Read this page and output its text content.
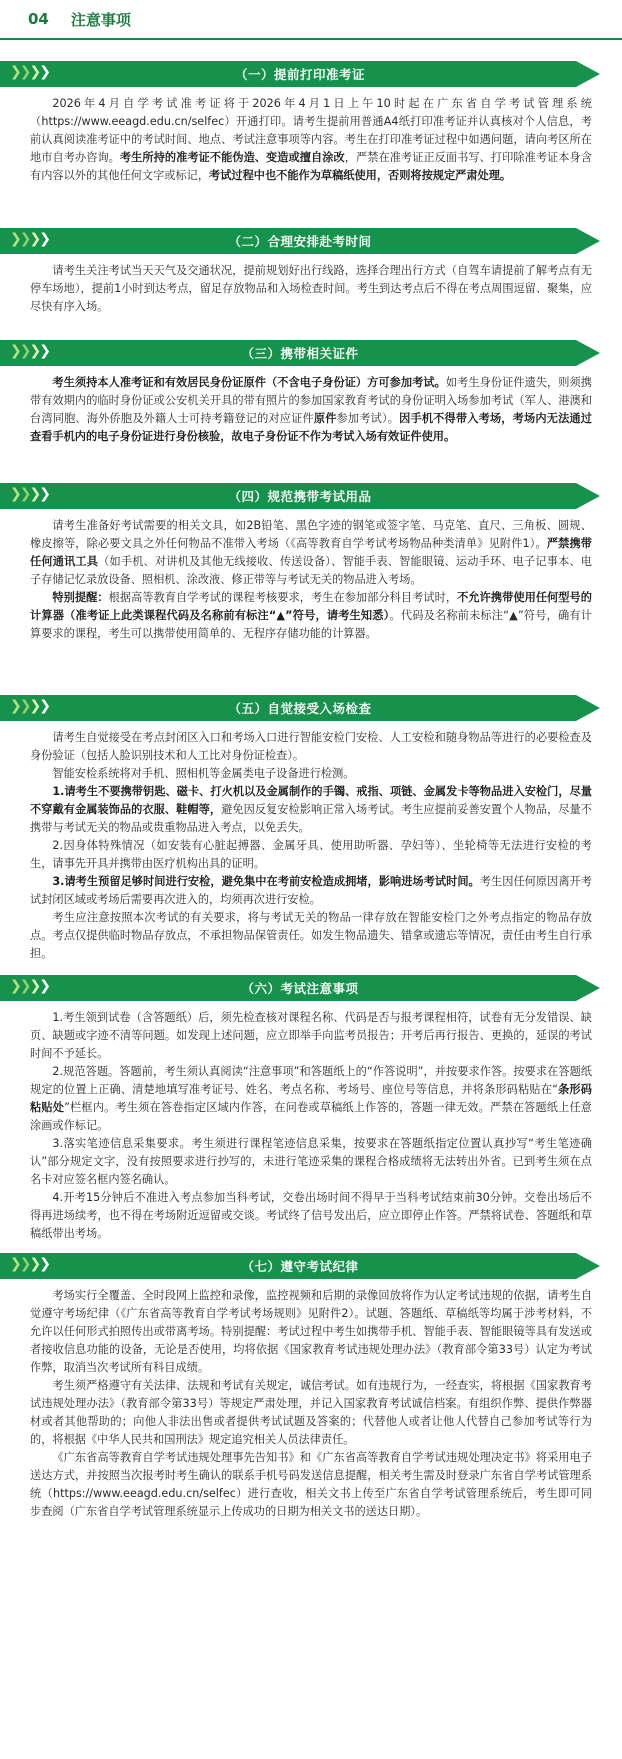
04 注意事项
❯❯❯❯	（一）提前打印准考证

2026年4月自学考试准考证将于2026年4月1日上午10时起在广东省自学考试管理系统（https://www.eeagd.edu.cn/selfec）开通打印。请考生提前用普通A4纸打印准考证并认真核对个人信息，考前认真阅读准考证中的考试时间、地点、考试注意事项等内容。考生在打印准考证过程中如遇问题，请向考区所在地市自考办咨询。考生所持的准考证不能伪造、变造或擅自涂改，严禁在准考证正反面书写、打印除准考证本身含有内容以外的其他任何文字或标记，考试过程中也不能作为草稿纸使用，否则将按规定严肃处理。

❯❯❯❯	（二）合理安排赴考时间

请考生关注考试当天天气及交通状况，提前规划好出行线路，选择合理出行方式（自驾车请提前了解考点有无停车场地），提前1小时到达考点，留足存放物品和入场检查时间。考生到达考点后不得在考点周围逗留、聚集，应尽快有序入场。

❯❯❯❯	（三）携带相关证件

考生须持本人准考证和有效居民身份证原件（不含电子身份证）方可参加考试。如考生身份证件遗失，则须携带有效期内的临时身份证或公安机关开具的带有照片的参加国家教育考试的身份证明入场参加考试（军人、港澳和台湾同胞、海外侨胞及外籍人士可持考籍登记的对应证件原件参加考试）。因手机不得带入考场，考场内无法通过查看手机内的电子身份证进行身份核验，故电子身份证不作为考试入场有效证件使用。

❯❯❯❯	（四）规范携带考试用品

请考生准备好考试需要的相关文具，如2B铅笔、黑色字迹的钢笔或签字笔、马克笔、直尺、三角板、圆规、橡皮擦等，除必要文具之外任何物品不准带入考场（《高等教育自学考试考场物品种类清单》见附件1）。严禁携带任何通讯工具（如手机、对讲机及其他无线接收、传送设备）、智能手表、智能眼镜、运动手环、电子记事本、电子存储记忆录放设备、照相机、涂改液、修正带等与考试无关的物品进入考场。

特别提醒：根据高等教育自学考试的课程考核要求，考生在参加部分科目考试时，不允许携带使用任何型号的计算器（准考证上此类课程代码及名称前有标注“▲”符号，请考生知悉）。代码及名称前未标注“▲”符号，确有计算要求的课程，考生可以携带使用简单的、无程序存储功能的计算器。

❯❯❯❯	（五）自觉接受入场检查

请考生自觉接受在考点封闭区入口和考场入口进行智能安检门安检、人工安检和随身物品等进行的必要检查及身份验证（包括人脸识别技术和人工比对身份证检查）。

智能安检系统将对手机、照相机等金属类电子设备进行检测。

1.请考生不要携带钥匙、磁卡、打火机以及金属制作的手镯、戒指、项链、金属发卡等物品进入安检门，尽量不穿戴有金属装饰品的衣服、鞋帽等，避免因反复安检影响正常入场考试。考生应提前妥善安置个人物品，尽量不携带与考试无关的物品或贵重物品进入考点，以免丢失。

2.因身体特殊情况（如安装有心脏起搏器、金属牙具、使用助听器、孕妇等）、坐轮椅等无法进行安检的考生，请事先开具并携带由医疗机构出具的证明。

3.请考生预留足够时间进行安检，避免集中在考前安检造成拥堵，影响进场考试时间。考生因任何原因离开考试封闭区域或考场后需要再次进入的，均须再次进行安检。

考生应注意按照本次考试的有关要求，将与考试无关的物品一律存放在智能安检门之外考点指定的物品存放点。考点仅提供临时物品存放点，不承担物品保管责任。如发生物品遗失、错拿或遗忘等情况，责任由考生自行承担。

❯❯❯❯	（六）考试注意事项

1.考生领到试卷（含答题纸）后，须先检查核对课程名称、代码是否与报考课程相符，试卷有无分发错误、缺页、缺题或字迹不清等问题。如发现上述问题，应立即举手向监考员报告；开考后再行报告、更换的，延误的考试时间不予延长。

2.规范答题。答题前，考生须认真阅读“注意事项”和答题纸上的“作答说明”，并按要求作答。按要求在答题纸规定的位置上正确、清楚地填写准考证号、姓名、考点名称、考场号、座位号等信息，并将条形码粘贴在“条形码粘贴处”栏框内。考生须在答卷指定区域内作答，在问卷或草稿纸上作答的，答题一律无效。严禁在答题纸上任意涂画或作标记。

3.落实笔迹信息采集要求。考生须进行课程笔迹信息采集，按要求在答题纸指定位置认真抄写“考生笔迹确认”部分规定文字，没有按照要求进行抄写的，未进行笔迹采集的课程合格成绩将无法转出外省。已到考生须在点名卡对应签名框内签名确认。

4.开考15分钟后不准进入考点参加当科考试，交卷出场时间不得早于当科考试结束前30分钟。交卷出场后不得再进场续考，也不得在考场附近逗留或交谈。考试终了信号发出后，应立即停止作答。严禁将试卷、答题纸和草稿纸带出考场。

❯❯❯❯	（七）遵守考试纪律

考场实行全覆盖、全时段网上监控和录像，监控视频和后期的录像回放将作为认定考试违规的依据，请考生自觉遵守考场纪律（《广东省高等教育自学考试考场规则》见附件2）。试题、答题纸、草稿纸等均属于涉考材料，不允许以任何形式拍照传出或带离考场。特别提醒：考试过程中考生如携带手机、智能手表、智能眼镜等具有发送或者接收信息功能的设备，无论是否使用，均将依据《国家教育考试违规处理办法》（教育部令第33号）认定为考试作弊，取消当次考试所有科目成绩。

考生须严格遵守有关法律、法规和考试有关规定，诚信考试。如有违规行为，一经查实，将根据《国家教育考试违规处理办法》（教育部令第33号）等规定严肃处理，并记入国家教育考试诚信档案。有组织作弊、提供作弊器材或者其他帮助的；向他人非法出售或者提供考试试题及答案的；代替他人或者让他人代替自己参加考试等行为的，将根据《中华人民共和国刑法》规定追究相关人员法律责任。

《广东省高等教育自学考试违规处理事先告知书》和《广东省高等教育自学考试违规处理决定书》将采用电子送达方式，并按照当次报考时考生确认的联系手机号码发送信息提醒，相关考生需及时登录广东省自学考试管理系统（https://www.eeagd.edu.cn/selfec）进行查收，相关文书上传至广东省自学考试管理系统后，考生即可同步查阅（广东省自学考试管理系统显示上传成功的日期为相关文书的送达日期）。
